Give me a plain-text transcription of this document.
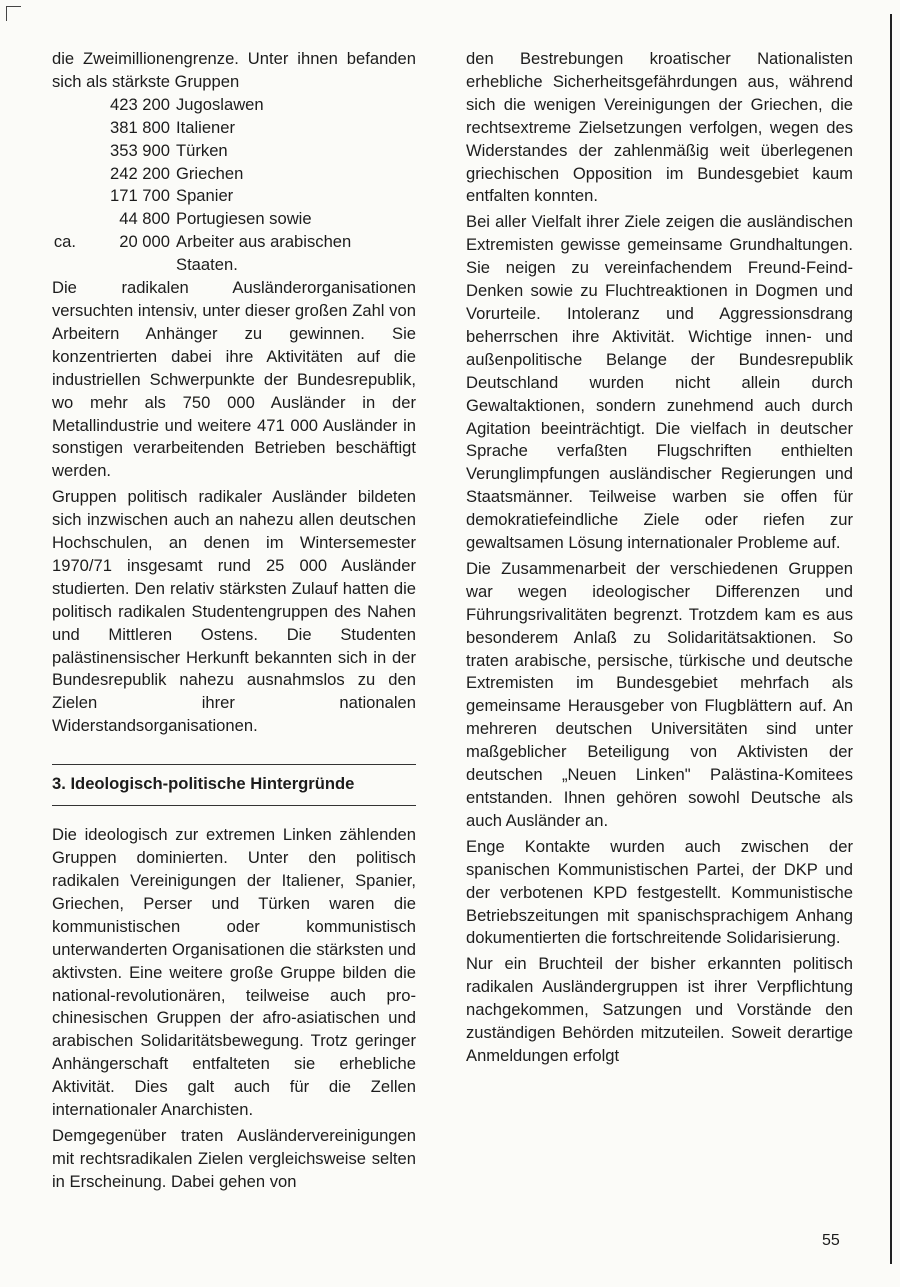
die Zweimillionengrenze. Unter ihnen befanden sich als stärkste Gruppen

423 200 Jugoslawen
381 800 Italiener
353 900 Türken
242 200 Griechen
171 700 Spanier
44 800 Portugiesen sowie
ca.	20 000 Arbeiter aus arabischen Staaten.

Die radikalen Ausländerorganisationen versuchten intensiv, unter dieser großen Zahl von Arbeitern Anhänger zu gewinnen. Sie konzentrierten dabei ihre Aktivitäten auf die industriellen Schwerpunkte der Bundesrepublik, wo mehr als 750 000 Ausländer in der Metallindustrie und weitere 471 000 Ausländer in sonstigen verarbeitenden Betrieben beschäftigt werden.

Gruppen politisch radikaler Ausländer bildeten sich inzwischen auch an nahezu allen deutschen Hochschulen, an denen im Wintersemester 1970/71 insgesamt rund 25 000 Ausländer studierten. Den relativ stärksten Zulauf hatten die politisch radikalen Studentengruppen des Nahen und Mittleren Ostens. Die Studenten palästinensischer Herkunft bekannten sich in der Bundesrepublik nahezu ausnahmslos zu den Zielen ihrer nationalen Widerstandsorganisationen.

3. Ideologisch-politische Hintergründe

Die ideologisch zur extremen Linken zählenden Gruppen dominierten. Unter den politisch radikalen Vereinigungen der Italiener, Spanier, Griechen, Perser und Türken waren die kommunistischen oder kommunistisch unterwanderten Organisationen die stärksten und aktivsten. Eine weitere große Gruppe bilden die national-revolutionären, teilweise auch pro-chinesischen Gruppen der afro-asiatischen und arabischen Solidaritätsbewegung. Trotz geringer Anhängerschaft entfalteten sie erhebliche Aktivität. Dies galt auch für die Zellen internationaler Anarchisten.

Demgegenüber traten Ausländervereinigungen mit rechtsradikalen Zielen vergleichsweise selten in Erscheinung. Dabei gehen von

den Bestrebungen kroatischer Nationalisten erhebliche Sicherheitsgefährdungen aus, während sich die wenigen Vereinigungen der Griechen, die rechtsextreme Zielsetzungen verfolgen, wegen des Widerstandes der zahlenmäßig weit überlegenen griechischen Opposition im Bundesgebiet kaum entfalten konnten.

Bei aller Vielfalt ihrer Ziele zeigen die ausländischen Extremisten gewisse gemeinsame Grundhaltungen. Sie neigen zu vereinfachendem Freund-Feind-Denken sowie zu Fluchtreaktionen in Dogmen und Vorurteile. Intoleranz und Aggressionsdrang beherrschen ihre Aktivität. Wichtige innen- und außenpolitische Belange der Bundesrepublik Deutschland wurden nicht allein durch Gewaltaktionen, sondern zunehmend auch durch Agitation beeinträchtigt. Die vielfach in deutscher Sprache verfaßten Flugschriften enthielten Verunglimpfungen ausländischer Regierungen und Staatsmänner. Teilweise warben sie offen für demokratiefeindliche Ziele oder riefen zur gewaltsamen Lösung internationaler Probleme auf.

Die Zusammenarbeit der verschiedenen Gruppen war wegen ideologischer Differenzen und Führungsrivalitäten begrenzt. Trotzdem kam es aus besonderem Anlaß zu Solidaritätsaktionen. So traten arabische, persische, türkische und deutsche Extremisten im Bundesgebiet mehrfach als gemeinsame Herausgeber von Flugblättern auf. An mehreren deutschen Universitäten sind unter maßgeblicher Beteiligung von Aktivisten der deutschen „Neuen Linken" Palästina-Komitees entstanden. Ihnen gehören sowohl Deutsche als auch Ausländer an.

Enge Kontakte wurden auch zwischen der spanischen Kommunistischen Partei, der DKP und der verbotenen KPD festgestellt. Kommunistische Betriebszeitungen mit spanischsprachigem Anhang dokumentierten die fortschreitende Solidarisierung.

Nur ein Bruchteil der bisher erkannten politisch radikalen Ausländergruppen ist ihrer Verpflichtung nachgekommen, Satzungen und Vorstände den zuständigen Behörden mitzuteilen. Soweit derartige Anmeldungen erfolgt

55
